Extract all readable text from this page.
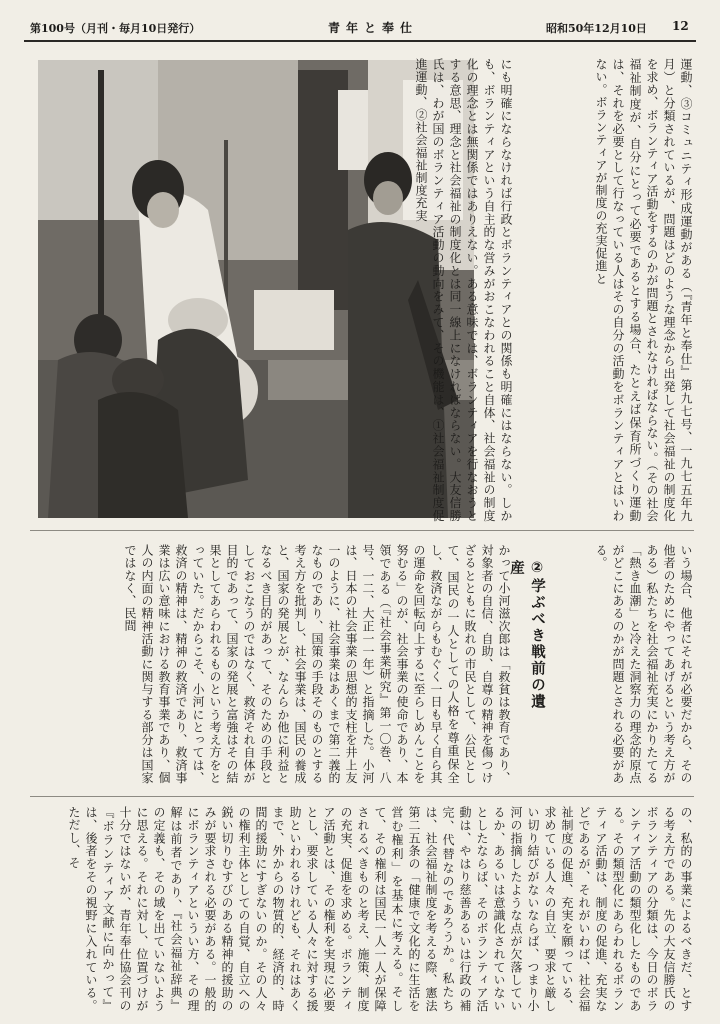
第100号（月刊・毎月10日発行）	青年と奉仕	昭和50年12月10日 12
にも明確にならなければ行政とボランティアとの関係も明確にはならない。しかも、ボランティアという自主的な営みがおこなわれること自体、社会福祉の制度化の理念とは無関係ではありえない。ある意味では、ボランティアを行なおうとする意思、理念と社会福祉の制度化とは同一線上になければならない。大友信勝氏は、わが国のボランティア活動の動向をみて、その機能は、①社会福祉制度促進運動、②社会福祉制度充実	運動、③コミュニティ形成運動がある（『青年と奉仕』第九七号、一九七五年九月）と分類されているが、問題はどのような理念から出発して社会福祉の制度化を求め、ボランティア活動をするのかが問題とされなければならない。（その社会福祉制度が、自分にとって必要であるとする場合、たとえば保育所づくり運動は、それを必要として行なっている人はその自分の活動をボランティアとはいわない。ボランティアが制度の充実促進と
いう場合、他者にそれが必要だから、その他者のためにやってあげるという考え方がある）私たちを社会福祉充実にかりたてる「熱き血潮」と冷えた洞察力の理念的原点がどこにあるのかが問題とされる必要がある。
②学ぶべき戦前の遺産
かって小河滋次郎は「救貧は教育であり、対象者の自信、自助、自尊の精神を傷つけざるとともに敗れの市民として、公民として、国民の一人としての人格を尊重保全し、救済ながらもむぐく一日も早く自ら其の運命を回転向上するに至らしめんことを努むる」のが、社会事業の使命であり、本領である（『社会事業研究』第一〇巻、八号、一二、大正一一年）と指摘した。小河は、日本の社会事業の思想的支柱を井上友一のように、社会事業はあくまで第二義的なものであり、国策の手段そのものとする考え方を批判し、社会事業は、国民の養成と、国家の発展とが、なんらか他に利益となるべき目的があって、そのための手段としておこなうのではなく、救済それ自体が目的であって、国家の発展と富強はその結果としてあらわれるものという考え方をとっていた。だからこそ、小河にとっては、救済の精神は、精神の救済であり、救済事業は広い意味における教育事業であり、個人の内面の精神活動に関与する部分は国家ではなく、民間
の、私的の事業によるべきだ、とする考え方である。先の大友信勝氏のボランティアの分類は、今日のボランティア活動の類型化したものである。その類型化にあらわれるボランティア活動は、制度の促進、充実などであるが、それがいわば、社会福祉制度の促進、充実を願っている、求めている人々の自立、要求と厳しい切り結びがないならば、つまり小河の指摘したような点が欠落しているか、あるいは意識化されていないとしたならば、そのボランティア活動は、やはり慈善あるいは行政の補完、代替なのであろうか。私たちは、社会福祉制度を考える際、憲法第二五条の「健康で文化的に生活を営む権利」を基本に考える。そして、その権利は国民一人一人が保障されるべきものと考え、施策、制度の充実、促進を求める。ボランティア活動とは、その権利を実現に必要とし、要求している人々に対する援助といわれるけれども、それはあくまで、外からの物質的、経済的、時間的援助にすぎないのか。その人々の権利主体としての自覚、自立への鋭い切りむすびのある精神的援助のみが要求される必要がある。一般的にボランティアというい方、その理解は前者であり、『社会福祉辞典』の定義も、その域を出ていないように思える。それに対し、位置づけが十分ではないが、青年奉仕協会刊の『ボランティア文献に向かって』は、後者をその視野に入れている。ただし、そ
